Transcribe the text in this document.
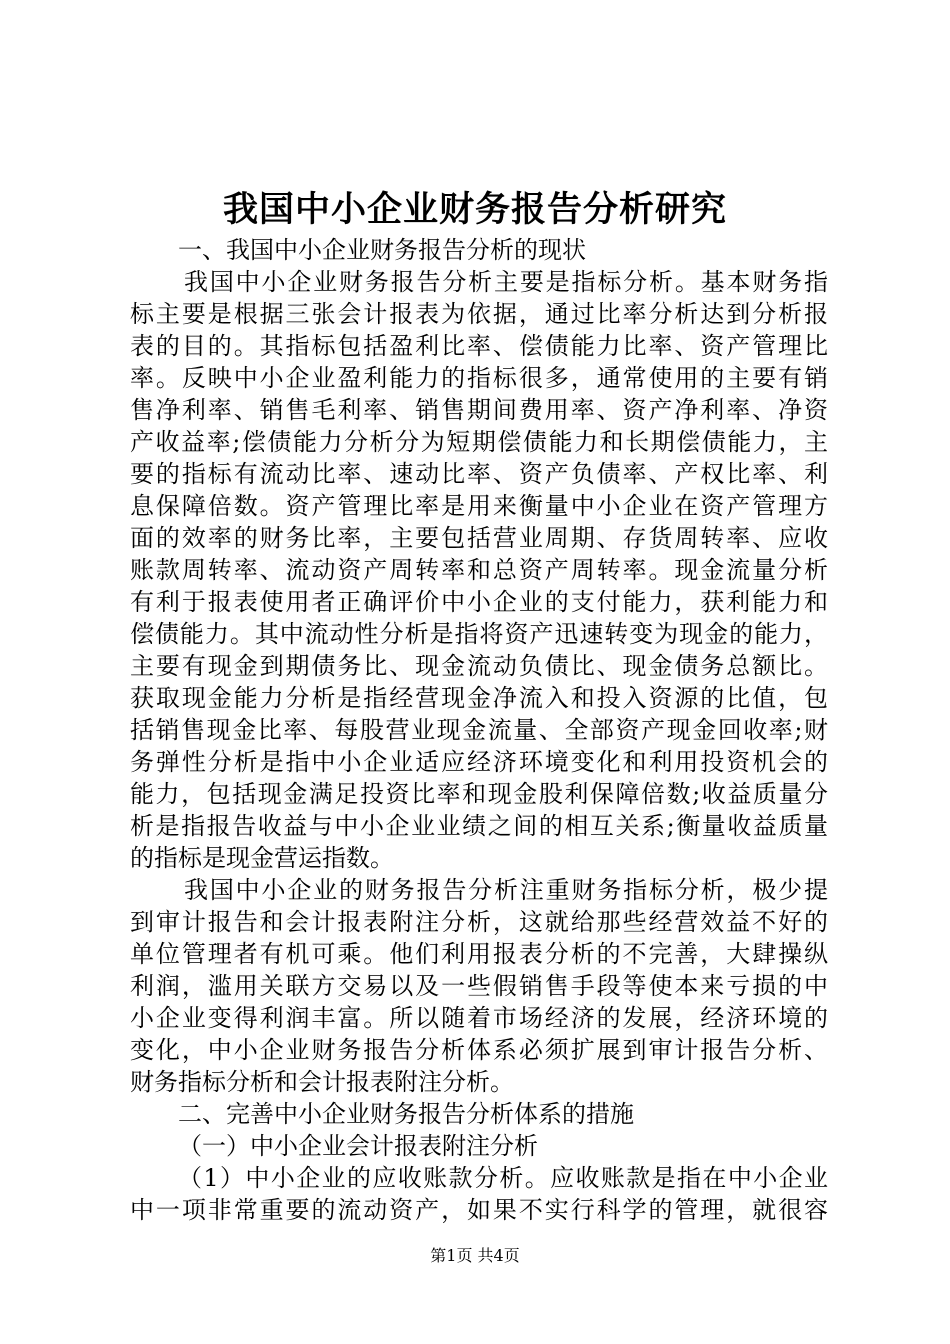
我国中小企业财务报告分析研究
一、我国中小企业财务报告分析的现状
我国中小企业财务报告分析主要是指标分析。基本财务指
标主要是根据三张会计报表为依据，通过比率分析达到分析报
表的目的。其指标包括盈利比率、偿债能力比率、资产管理比
率。反映中小企业盈利能力的指标很多，通常使用的主要有销
售净利率、销售毛利率、销售期间费用率、资产净利率、净资
产收益率;偿债能力分析分为短期偿债能力和长期偿债能力，主
要的指标有流动比率、速动比率、资产负债率、产权比率、利
息保障倍数。资产管理比率是用来衡量中小企业在资产管理方
面的效率的财务比率，主要包括营业周期、存货周转率、应收
账款周转率、流动资产周转率和总资产周转率。现金流量分析
有利于报表使用者正确评价中小企业的支付能力，获利能力和
偿债能力。其中流动性分析是指将资产迅速转变为现金的能力，
主要有现金到期债务比、现金流动负债比、现金债务总额比。
获取现金能力分析是指经营现金净流入和投入资源的比值，包
括销售现金比率、每股营业现金流量、全部资产现金回收率;财
务弹性分析是指中小企业适应经济环境变化和利用投资机会的
能力，包括现金满足投资比率和现金股利保障倍数;收益质量分
析是指报告收益与中小企业业绩之间的相互关系;衡量收益质量
的指标是现金营运指数。
我国中小企业的财务报告分析注重财务指标分析，极少提
到审计报告和会计报表附注分析，这就给那些经营效益不好的
单位管理者有机可乘。他们利用报表分析的不完善，大肆操纵
利润，滥用关联方交易以及一些假销售手段等使本来亏损的中
小企业变得利润丰富。所以随着市场经济的发展，经济环境的
变化，中小企业财务报告分析体系必须扩展到审计报告分析、
财务指标分析和会计报表附注分析。
二、完善中小企业财务报告分析体系的措施
（一）中小企业会计报表附注分析
（1）中小企业的应收账款分析。应收账款是指在中小企业
中一项非常重要的流动资产，如果不实行科学的管理，就很容
第1页 共4页
